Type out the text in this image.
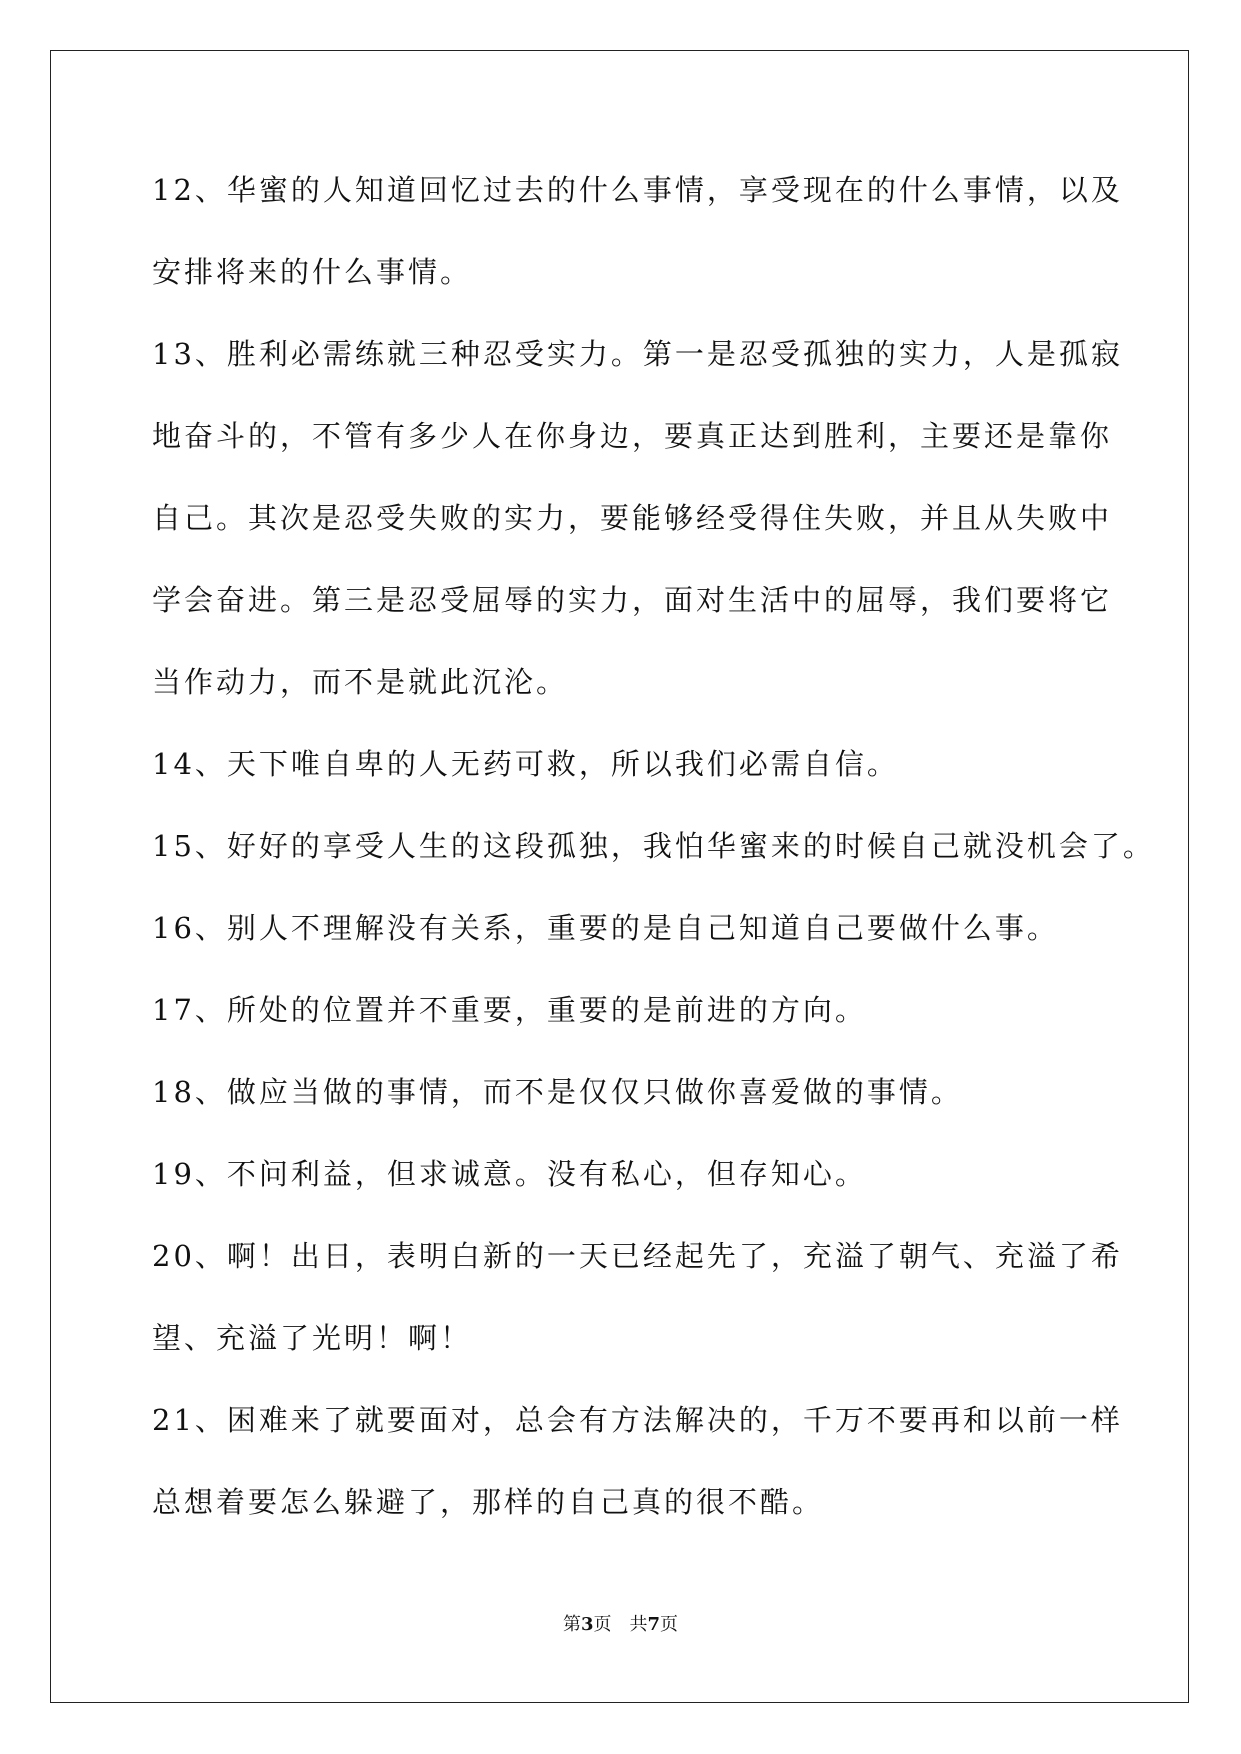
12、华蜜的人知道回忆过去的什么事情，享受现在的什么事情，以及
安排将来的什么事情。
13、胜利必需练就三种忍受实力。第一是忍受孤独的实力，人是孤寂
地奋斗的，不管有多少人在你身边，要真正达到胜利，主要还是靠你
自己。其次是忍受失败的实力，要能够经受得住失败，并且从失败中
学会奋进。第三是忍受屈辱的实力，面对生活中的屈辱，我们要将它
当作动力，而不是就此沉沦。
14、天下唯自卑的人无药可救，所以我们必需自信。
15、好好的享受人生的这段孤独，我怕华蜜来的时候自己就没机会了。
16、别人不理解没有关系，重要的是自己知道自己要做什么事。
17、所处的位置并不重要，重要的是前进的方向。
18、做应当做的事情，而不是仅仅只做你喜爱做的事情。
19、不问利益，但求诚意。没有私心，但存知心。
20、啊！出日，表明白新的一天已经起先了，充溢了朝气、充溢了希
望、充溢了光明！啊！
21、困难来了就要面对，总会有方法解决的，千万不要再和以前一样
总想着要怎么躲避了，那样的自己真的很不酷。
第3页 共7页
